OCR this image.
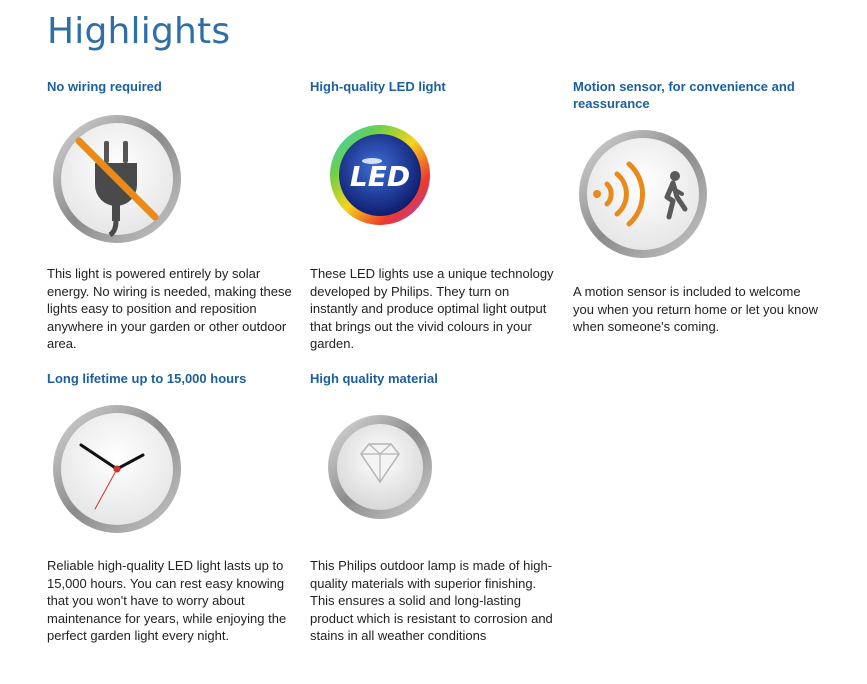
Highlights
No wiring required

This light is powered entirely by solar energy. No wiring is needed, making these lights easy to position and reposition anywhere in your garden or other outdoor area.

High-quality LED light
LED

These LED lights use a unique technology developed by Philips. They turn on instantly and produce optimal light output that brings out the vivid colours in your garden.

Motion sensor, for convenience and reassurance

A motion sensor is included to welcome you when you return home or let you know when someone's coming.

Long lifetime up to 15,000 hours

Reliable high-quality LED light lasts up to 15,000 hours. You can rest easy knowing that you won't have to worry about maintenance for years, while enjoying the perfect garden light every night.

High quality material

This Philips outdoor lamp is made of high-quality materials with superior finishing. This ensures a solid and long-lasting product which is resistant to corrosion and stains in all weather conditions
